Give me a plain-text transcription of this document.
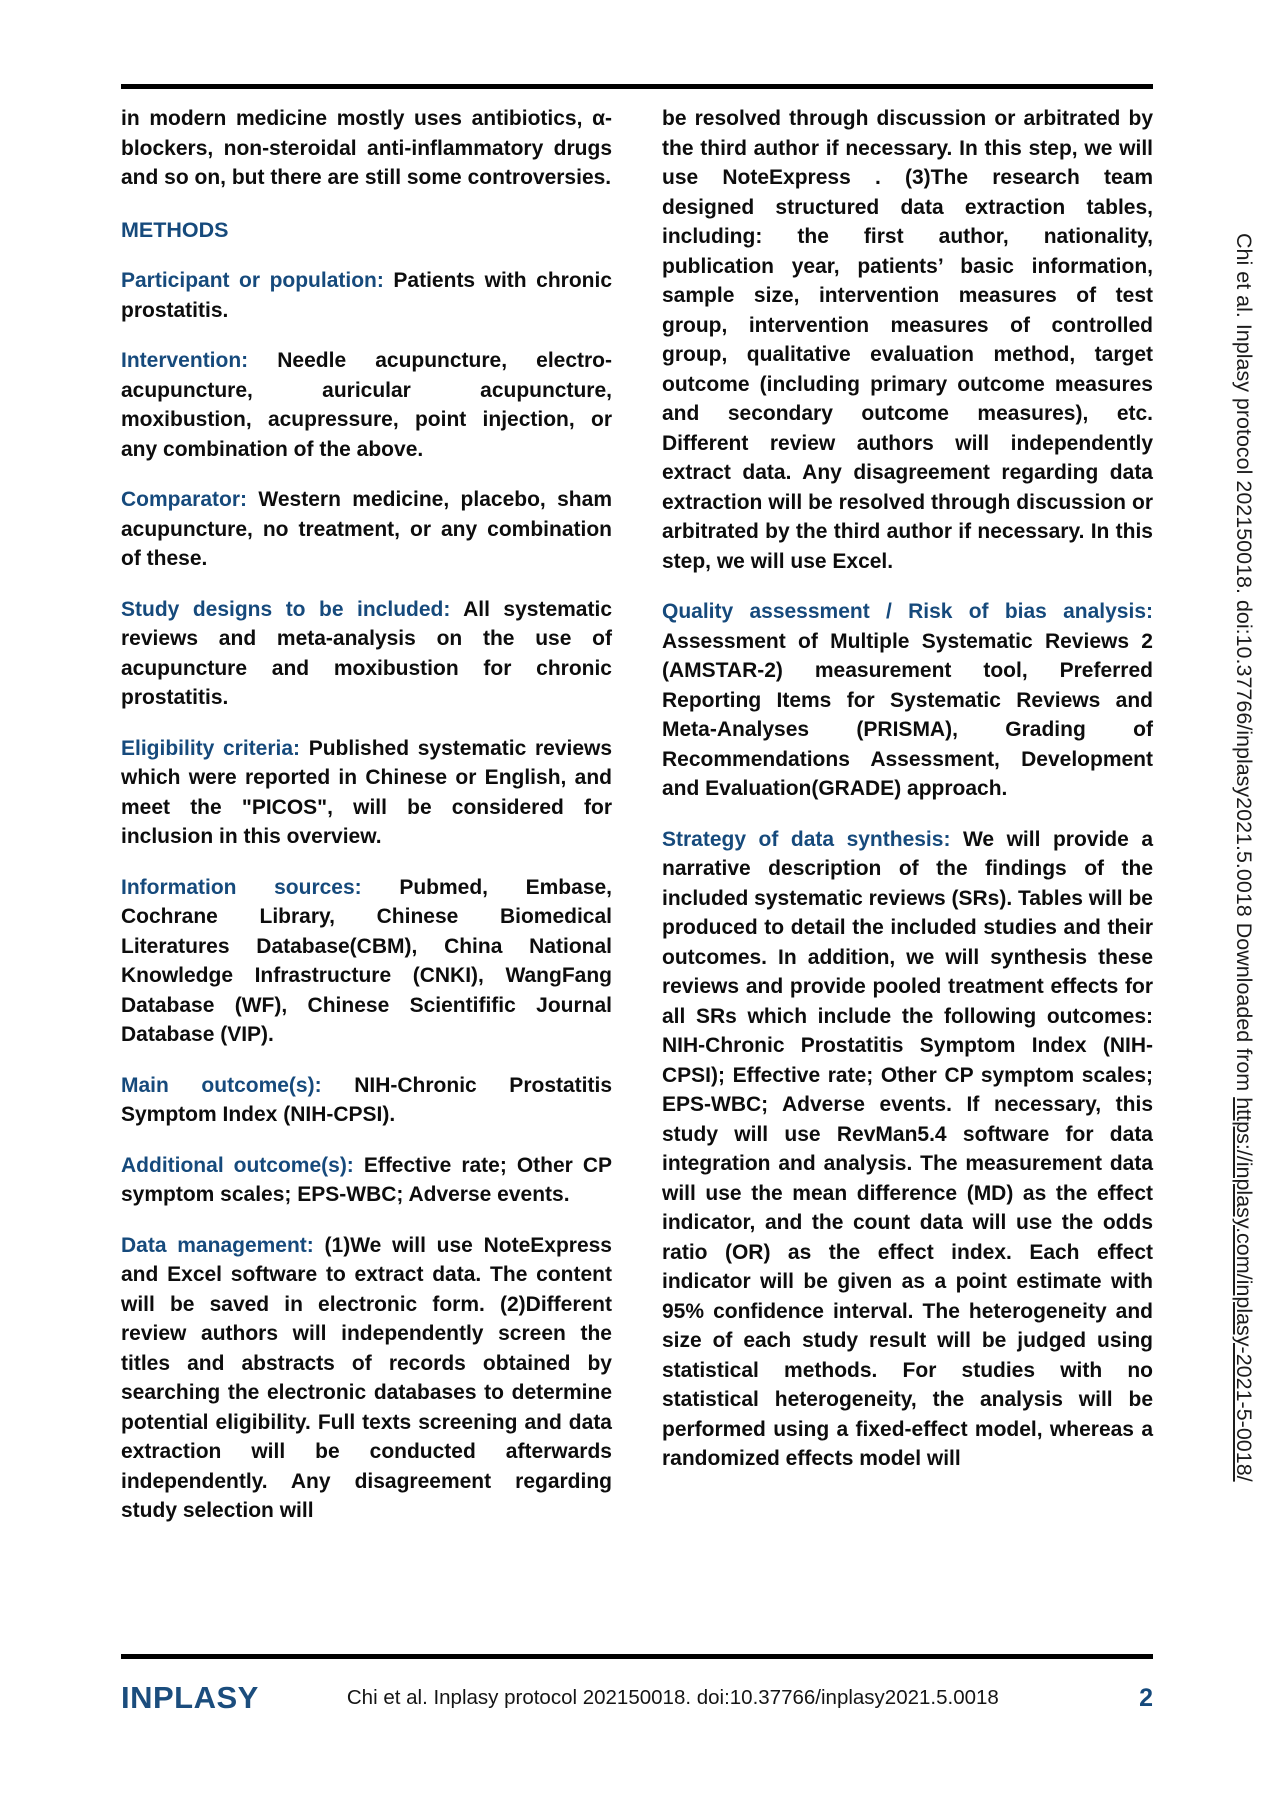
in modern medicine mostly uses antibiotics, α-blockers, non-steroidal anti-inflammatory drugs and so on, but there are still some controversies.

METHODS

Participant or population: Patients with chronic prostatitis.

Intervention: Needle acupuncture, electro-acupuncture, auricular acupuncture, moxibustion, acupressure, point injection, or any combination of the above.

Comparator: Western medicine, placebo, sham acupuncture, no treatment, or any combination of these.

Study designs to be included: All systematic reviews and meta-analysis on the use of acupuncture and moxibustion for chronic prostatitis.

Eligibility criteria: Published systematic reviews which were reported in Chinese or English, and meet the "PICOS", will be considered for inclusion in this overview.

Information sources: Pubmed, Embase, Cochrane Library, Chinese Biomedical Literatures Database(CBM), China National Knowledge Infrastructure (CNKI), WangFang Database (WF), Chinese Scientifific Journal Database (VIP).

Main outcome(s): NIH-Chronic Prostatitis Symptom Index (NIH-CPSI).

Additional outcome(s): Effective rate; Other CP symptom scales; EPS-WBC; Adverse events.

Data management: (1)We will use NoteExpress and Excel software to extract data. The content will be saved in electronic form. (2)Different review authors will independently screen the titles and abstracts of records obtained by searching the electronic databases to determine potential eligibility. Full texts screening and data extraction will be conducted afterwards independently. Any disagreement regarding study selection will

be resolved through discussion or arbitrated by the third author if necessary. In this step, we will use NoteExpress . (3)The research team designed structured data extraction tables, including: the first author, nationality, publication year, patients’ basic information, sample size, intervention measures of test group, intervention measures of controlled group, qualitative evaluation method, target outcome (including primary outcome measures and secondary outcome measures), etc. Different review authors will independently extract data. Any disagreement regarding data extraction will be resolved through discussion or arbitrated by the third author if necessary. In this step, we will use Excel.

Quality assessment / Risk of bias analysis: Assessment of Multiple Systematic Reviews 2 (AMSTAR-2) measurement tool, Preferred Reporting Items for Systematic Reviews and Meta-Analyses (PRISMA), Grading of Recommendations Assessment, Development and Evaluation(GRADE) approach.

Strategy of data synthesis: We will provide a narrative description of the findings of the included systematic reviews (SRs). Tables will be produced to detail the included studies and their outcomes. In addition, we will synthesis these reviews and provide pooled treatment effects for all SRs which include the following outcomes: NIH-Chronic Prostatitis Symptom Index (NIH-CPSI); Effective rate; Other CP symptom scales; EPS-WBC; Adverse events. If necessary, this study will use RevMan5.4 software for data integration and analysis. The measurement data will use the mean difference (MD) as the effect indicator, and the count data will use the odds ratio (OR) as the effect index. Each effect indicator will be given as a point estimate with 95% confidence interval. The heterogeneity and size of each study result will be judged using statistical methods. For studies with no statistical heterogeneity, the analysis will be performed using a fixed-effect model, whereas a randomized effects model will

Chi et al. Inplasy protocol 202150018. doi:10.37766/inplasy2021.5.0018 Downloaded from https://inplasy.com/inplasy-2021-5-0018/
INPLASY	Chi et al. Inplasy protocol 202150018. doi:10.37766/inplasy2021.5.0018	2
